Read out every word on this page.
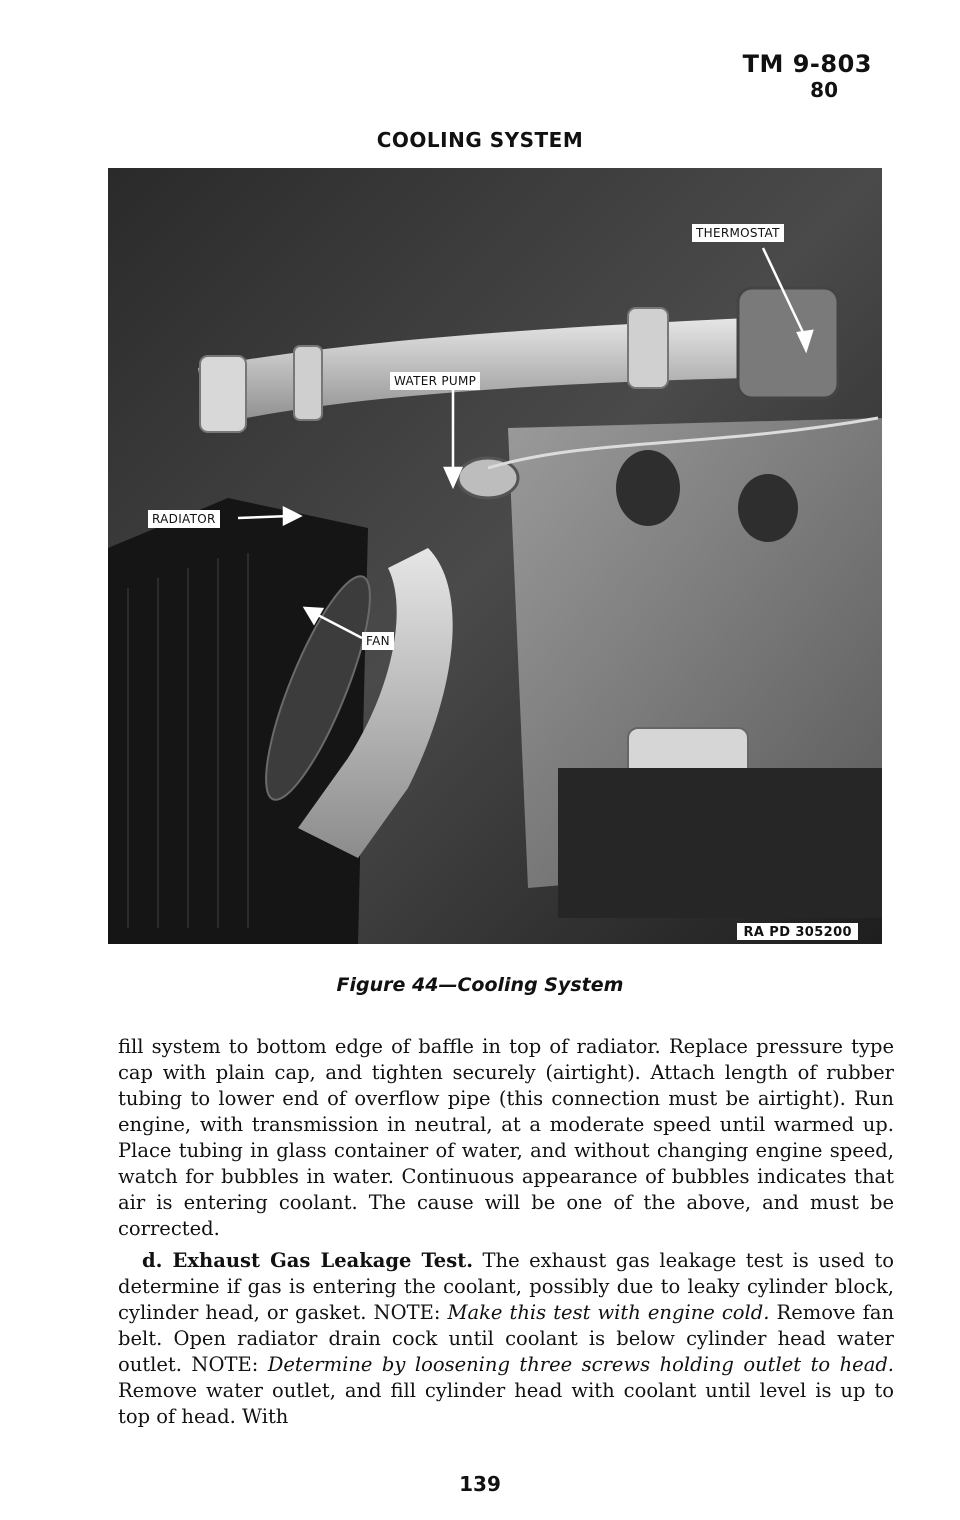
TM 9-803
80
COOLING SYSTEM
THERMOSTAT
WATER PUMP
RADIATOR
FAN
RA PD 305200
Figure 44—Cooling System

fill system to bottom edge of baffle in top of radiator. Replace pressure type cap with plain cap, and tighten securely (airtight). Attach length of rubber tubing to lower end of overflow pipe (this connection must be airtight). Run engine, with transmission in neutral, at a moderate speed until warmed up. Place tubing in glass container of water, and without changing engine speed, watch for bubbles in water. Continuous appearance of bubbles indicates that air is entering coolant. The cause will be one of the above, and must be corrected.

d. Exhaust Gas Leakage Test. The exhaust gas leakage test is used to determine if gas is entering the coolant, possibly due to leaky cylinder block, cylinder head, or gasket. NOTE: Make this test with engine cold. Remove fan belt. Open radiator drain cock until coolant is below cylinder head water outlet. NOTE: Determine by loosening three screws holding outlet to head. Remove water outlet, and fill cylinder head with coolant until level is up to top of head. With

139
